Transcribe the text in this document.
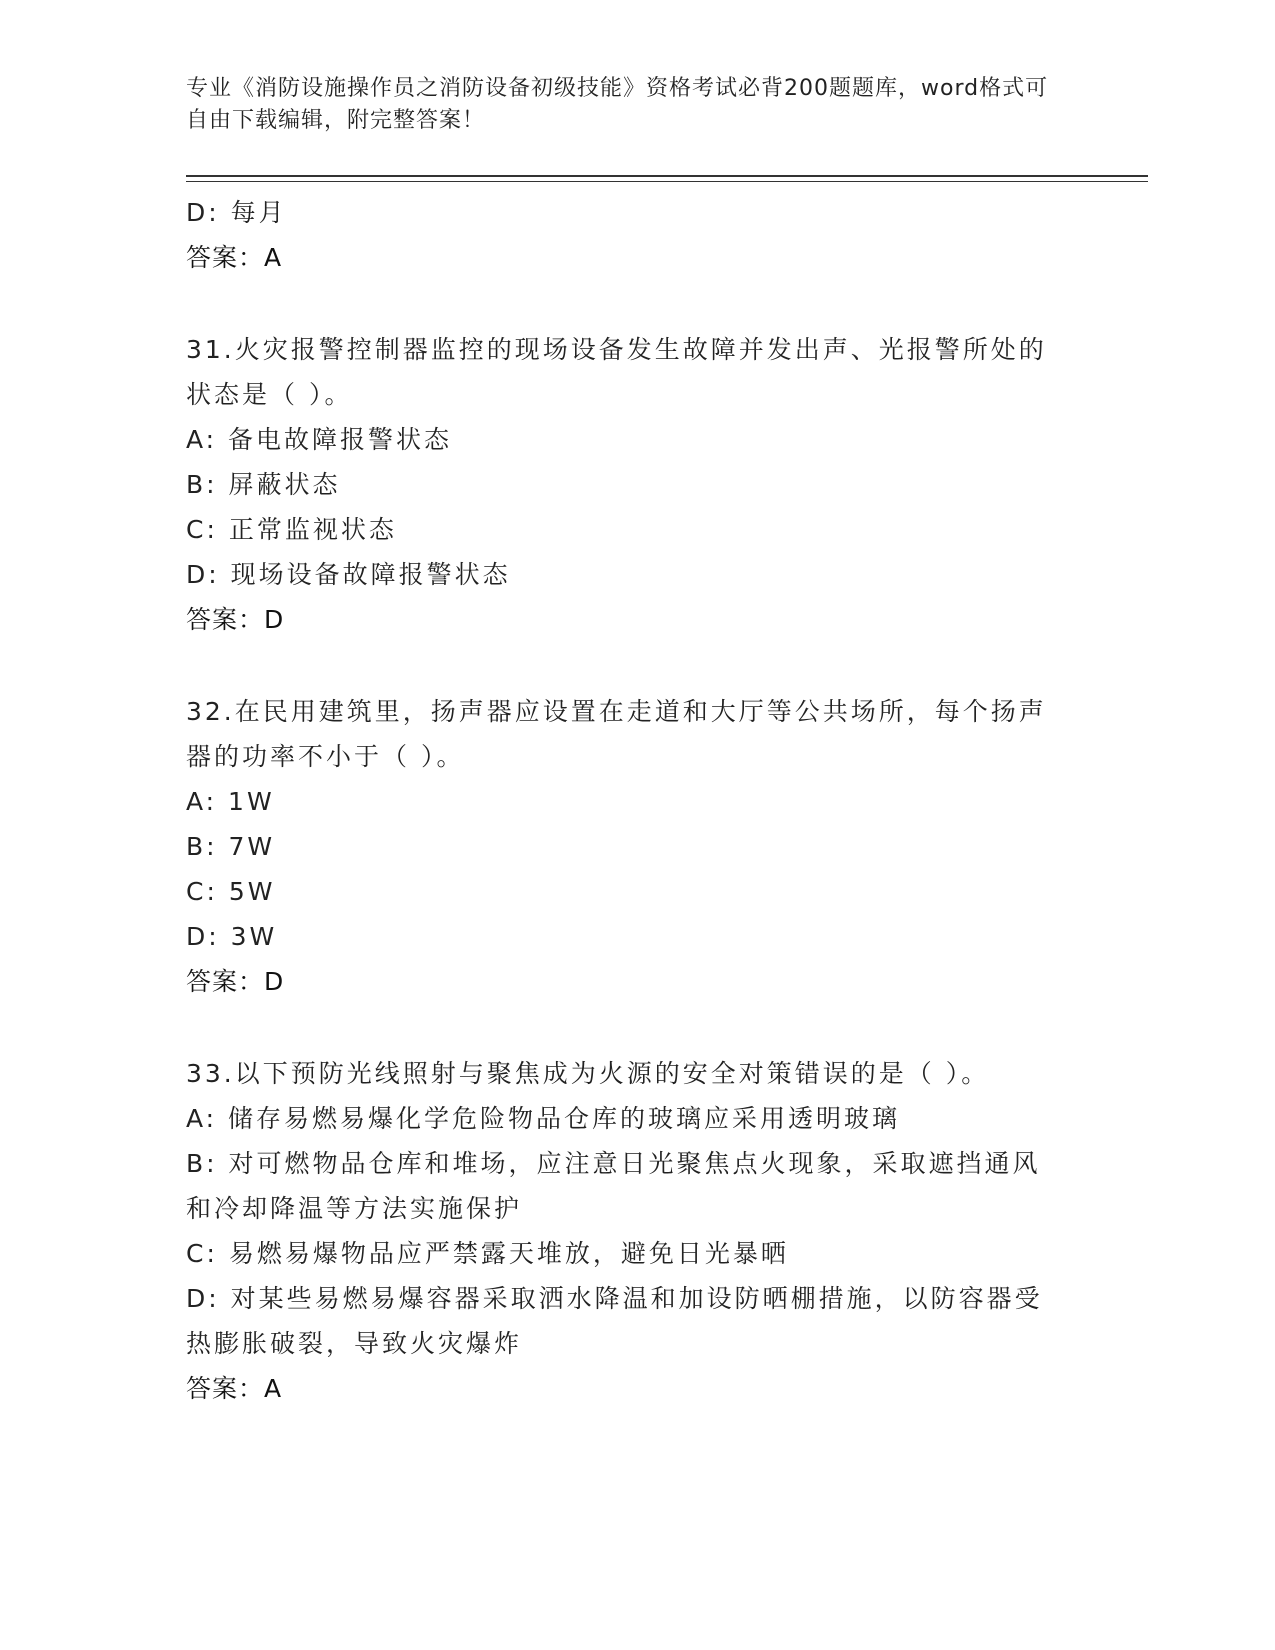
专业《消防设施操作员之消防设备初级技能》资格考试必背200题题库，word格式可自由下载编辑，附完整答案！
D: 每月
答案：A
31.火灾报警控制器监控的现场设备发生故障并发出声、光报警所处的
状态是（ ）。
A: 备电故障报警状态
B: 屏蔽状态
C: 正常监视状态
D: 现场设备故障报警状态
答案：D
32.在民用建筑里，扬声器应设置在走道和大厅等公共场所，每个扬声
器的功率不小于（ ）。
A: 1W
B: 7W
C: 5W
D: 3W
答案：D
33.以下预防光线照射与聚焦成为火源的安全对策错误的是（ ）。
A: 储存易燃易爆化学危险物品仓库的玻璃应采用透明玻璃
B: 对可燃物品仓库和堆场，应注意日光聚焦点火现象，采取遮挡通风
和冷却降温等方法实施保护
C: 易燃易爆物品应严禁露天堆放，避免日光暴晒
D: 对某些易燃易爆容器采取洒水降温和加设防晒棚措施，以防容器受
热膨胀破裂，导致火灾爆炸
答案：A
